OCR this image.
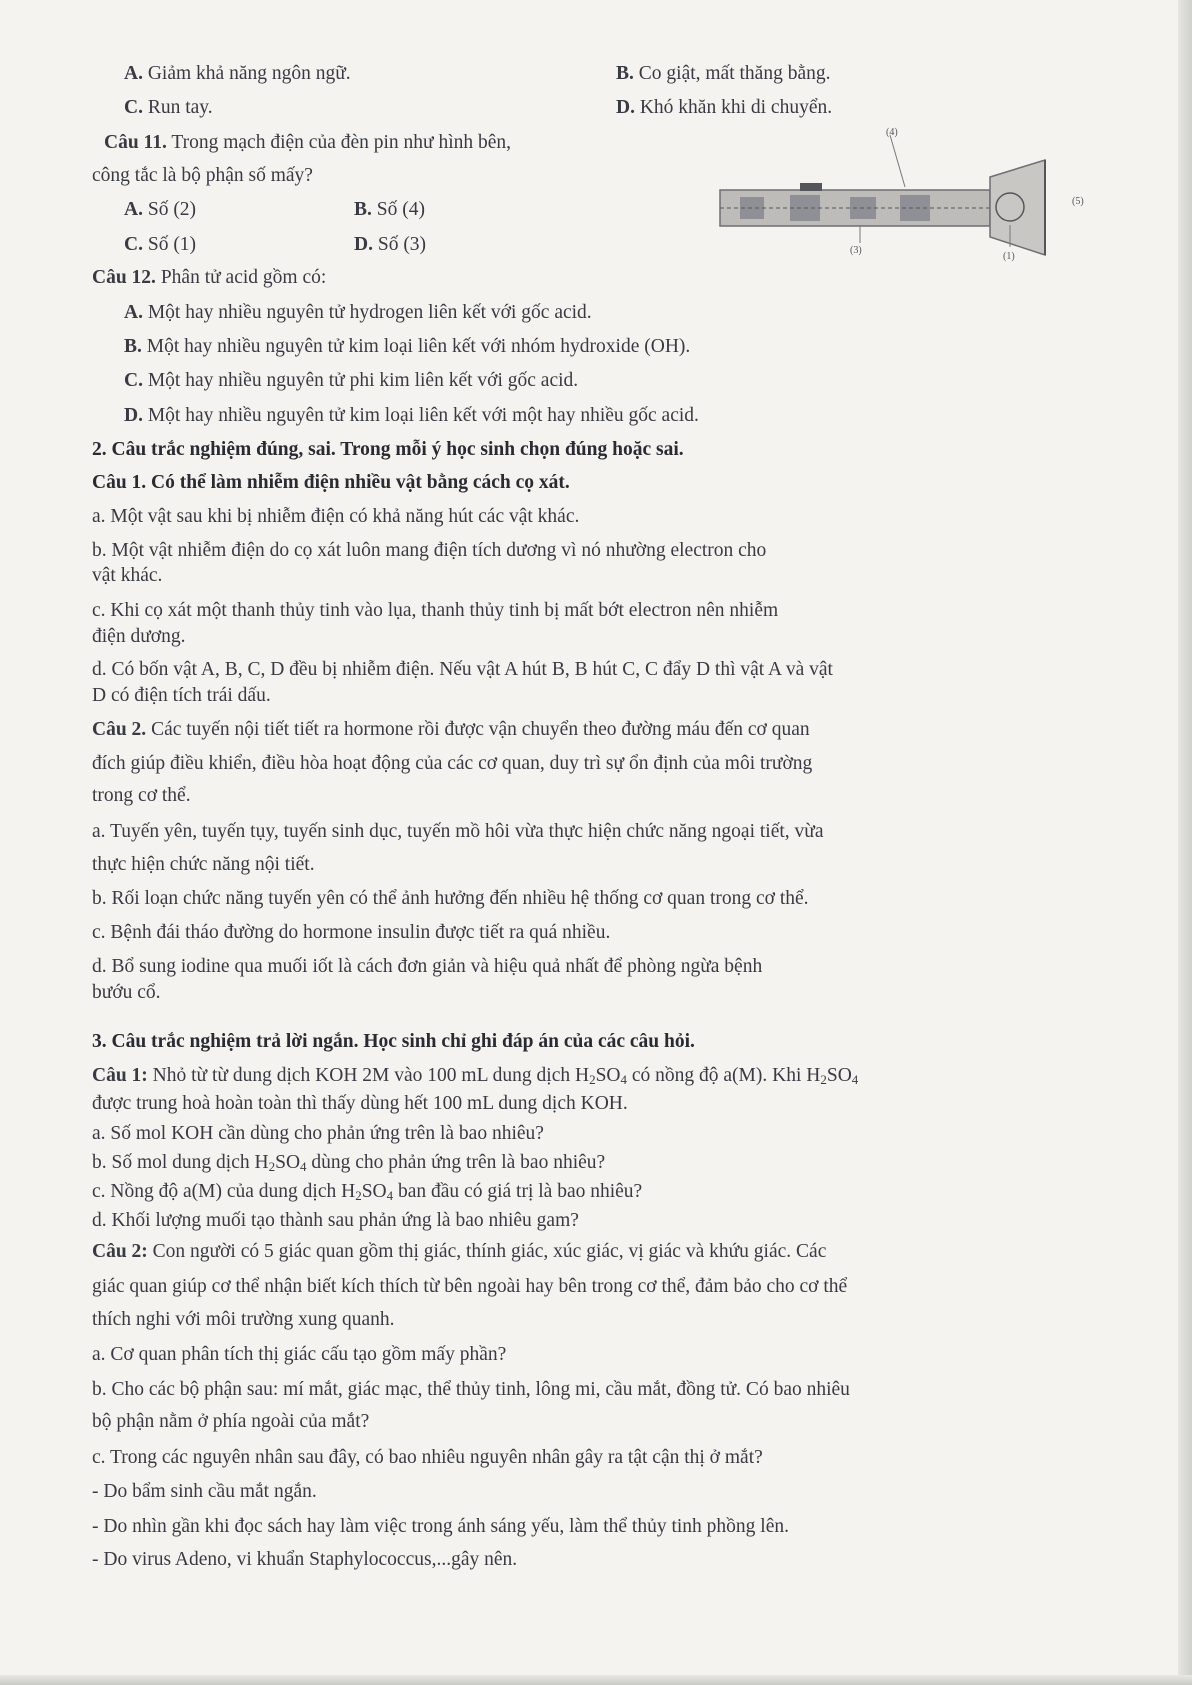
A. Giảm khả năng ngôn ngữ.	B. Co giật, mất thăng bằng.
C. Run tay.	D. Khó khăn khi di chuyển.
Câu 11. Trong mạch điện của đèn pin như hình bên,
công tắc là bộ phận số mấy?
A. Số (2)	B. Số (4)
C. Số (1)	D. Số (3)
(4)
(5)
(3)
(1)
Câu 12. Phân tử acid gồm có:
A. Một hay nhiều nguyên tử hydrogen liên kết với gốc acid.
B. Một hay nhiều nguyên tử kim loại liên kết với nhóm hydroxide (OH).
C. Một hay nhiều nguyên tử phi kim liên kết với gốc acid.
D. Một hay nhiều nguyên tử kim loại liên kết với một hay nhiều gốc acid.
2. Câu trắc nghiệm đúng, sai. Trong mỗi ý học sinh chọn đúng hoặc sai.
Câu 1. Có thể làm nhiễm điện nhiều vật bằng cách cọ xát.
a. Một vật sau khi bị nhiễm điện có khả năng hút các vật khác.
b. Một vật nhiễm điện do cọ xát luôn mang điện tích dương vì nó nhường electron cho
vật khác.
c. Khi cọ xát một thanh thủy tinh vào lụa, thanh thủy tinh bị mất bớt electron nên nhiễm
điện dương.
d. Có bốn vật A, B, C, D đều bị nhiễm điện. Nếu vật A hút B, B hút C, C đẩy D thì vật A và vật
D có điện tích trái dấu.
Câu 2. Các tuyến nội tiết tiết ra hormone rồi được vận chuyển theo đường máu đến cơ quan
đích giúp điều khiển, điều hòa hoạt động của các cơ quan, duy trì sự ổn định của môi trường
trong cơ thể.
a. Tuyến yên, tuyến tụy, tuyến sinh dục, tuyến mồ hôi vừa thực hiện chức năng ngoại tiết, vừa
thực hiện chức năng nội tiết.
b. Rối loạn chức năng tuyến yên có thể ảnh hưởng đến nhiều hệ thống cơ quan trong cơ thể.
c. Bệnh đái tháo đường do hormone insulin được tiết ra quá nhiều.
d. Bổ sung iodine qua muối iốt là cách đơn giản và hiệu quả nhất để phòng ngừa bệnh
bướu cổ.
3. Câu trắc nghiệm trả lời ngắn. Học sinh chỉ ghi đáp án của các câu hỏi.
Câu 1: Nhỏ từ từ dung dịch KOH 2M vào 100 mL dung dịch $H_2SO_4$ có nồng độ a(M). Khi $H_2SO_4$
được trung hoà hoàn toàn thì thấy dùng hết 100 mL dung dịch KOH.
a. Số mol KOH cần dùng cho phản ứng trên là bao nhiêu?
b. Số mol dung dịch $H_2SO_4$ dùng cho phản ứng trên là bao nhiêu?
c. Nồng độ a(M) của dung dịch $H_2SO_4$ ban đầu có giá trị là bao nhiêu?
d. Khối lượng muối tạo thành sau phản ứng là bao nhiêu gam?
Câu 2: Con người có 5 giác quan gồm thị giác, thính giác, xúc giác, vị giác và khứu giác. Các
giác quan giúp cơ thể nhận biết kích thích từ bên ngoài hay bên trong cơ thể, đảm bảo cho cơ thể
thích nghi với môi trường xung quanh.
a. Cơ quan phân tích thị giác cấu tạo gồm mấy phần?
b. Cho các bộ phận sau: mí mắt, giác mạc, thể thủy tinh, lông mi, cầu mắt, đồng tử. Có bao nhiêu
bộ phận nằm ở phía ngoài của mắt?
c. Trong các nguyên nhân sau đây, có bao nhiêu nguyên nhân gây ra tật cận thị ở mắt?
- Do bẩm sinh cầu mắt ngắn.
- Do nhìn gần khi đọc sách hay làm việc trong ánh sáng yếu, làm thể thủy tinh phồng lên.
- Do virus Adeno, vi khuẩn Staphylococcus,...gây nên.
